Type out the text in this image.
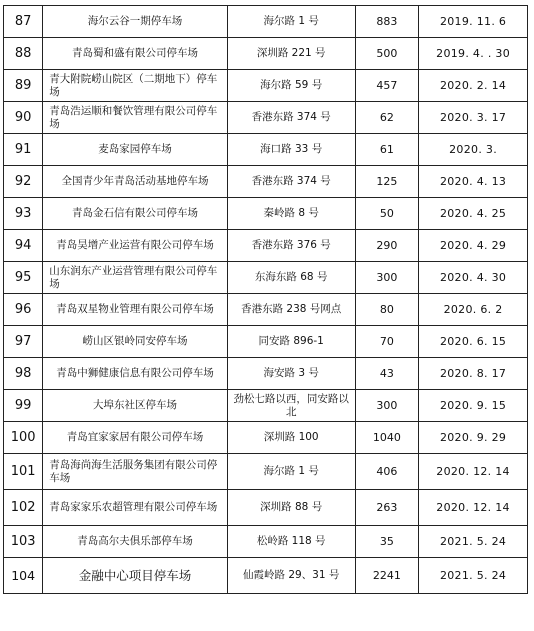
87	海尔云谷一期停车场	海尔路 1 号	883	2019. 11. 6
88	青岛蜀和盛有限公司停车场	深圳路 221 号	500	2019. 4. . 30
89	青大附院崂山院区（二期地下）停车场	海尔路 59 号	457	2020. 2. 14
90	青岛浩运顺和餐饮管理有限公司停车场	香港东路 374 号	62	2020. 3. 17
91	麦岛家园停车场	海口路 33 号	61	2020. 3.
92	全国青少年青岛活动基地停车场	香港东路 374 号	125	2020. 4. 13
93	青岛金石信有限公司停车场	秦岭路 8 号	50	2020. 4. 25
94	青岛昊增产业运营有限公司停车场	香港东路 376 号	290	2020. 4. 29
95	山东润东产业运营管理有限公司停车场	东海东路 68 号	300	2020. 4. 30
96	青岛双星物业管理有限公司停车场	香港东路 238 号网点	80	2020. 6. 2
97	崂山区银岭同安停车场	同安路 896-1	70	2020. 6. 15
98	青岛中狮健康信息有限公司停车场	海安路 3 号	43	2020. 8. 17
99	大埠东社区停车场	劲松七路以西，同安路以北	300	2020. 9. 15
100	青岛宜家家居有限公司停车场	深圳路 100	1040	2020. 9. 29
101	青岛海尚海生活服务集团有限公司停车场	海尔路 1 号	406	2020. 12. 14
102	青岛家家乐农超管理有限公司停车场	深圳路 88 号	263	2020. 12. 14
103	青岛高尔夫俱乐部停车场	松岭路 118 号	35	2021. 5. 24
104	金融中心项目停车场	仙霞岭路 29、31 号	2241	2021. 5. 24
